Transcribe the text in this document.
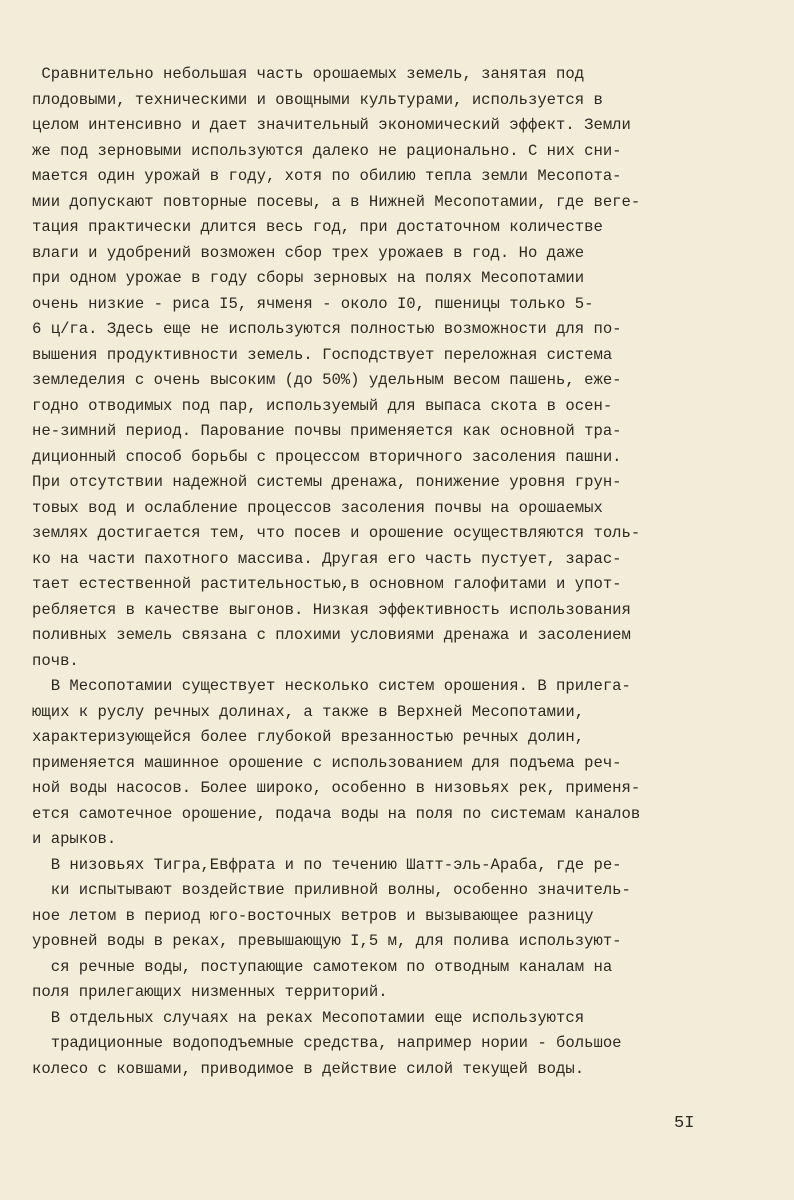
Сравнительно небольшая часть орошаемых земель, занятая под
плодовыми, техническими и овощными культурами, используется в
целом интенсивно и дает значительный экономический эффект. Земли
же под зерновыми используются далеко не рационально. С них сни-
мается один урожай в году, хотя по обилию тепла земли Месопота-
мии допускают повторные посевы, а в Нижней Месопотамии, где веге-
тация практически длится весь год, при достаточном количестве
влаги и удобрений возможен сбор трех урожаев в год. Но даже
при одном урожае в году сборы зерновых на полях Месопотамии
очень низкие - риса I5, ячменя - около I0, пшеницы только 5-
6 ц/га. Здесь еще не используются полностью возможности для по-
вышения продуктивности земель. Господствует переложная система
земледелия с очень высоким (до 50%) удельным весом пашень, еже-
годно отводимых под пар, используемый для выпаса скота в осен-
не-зимний период. Парование почвы применяется как основной тра-
диционный способ борьбы с процессом вторичного засоления пашни.
При отсутствии надежной системы дренажа, понижение уровня грун-
товых вод и ослабление процессов засоления почвы на орошаемых
землях достигается тем, что посев и орошение осуществляются толь-
ко на части пахотного массива. Другая его часть пустует, зарас-
тает естественной растительностью,в основном галофитами и упот-
ребляется в качестве выгонов. Низкая эффективность использования
поливных земель связана с плохими условиями дренажа и засолением
почв.
В Месопотамии существует несколько систем орошения. В прилега-
ющих к руслу речных долинах, а также в Верхней Месопотамии,
характеризующейся более глубокой врезанностью речных долин,
применяется машинное орошение с использованием для подъема реч-
ной воды насосов. Более широко, особенно в низовьях рек, применя-
ется самотечное орошение, подача воды на поля по системам каналов
и арыков.
В низовьях Тигра,Евфрата и по течению Шатт-эль-Араба, где ре-
ки испытывают воздействие приливной волны, особенно значитель-
ное летом в период юго-восточных ветров и вызывающее разницу
уровней воды в реках, превышающую I,5 м, для полива используют-
ся речные воды, поступающие самотеком по отводным каналам на
поля прилегающих низменных территорий.
В отдельных случаях на реках Месопотамии еще используются
традиционные водоподъемные средства, например нории - большое
колесо с ковшами, приводимое в действие силой текущей воды.
5I
